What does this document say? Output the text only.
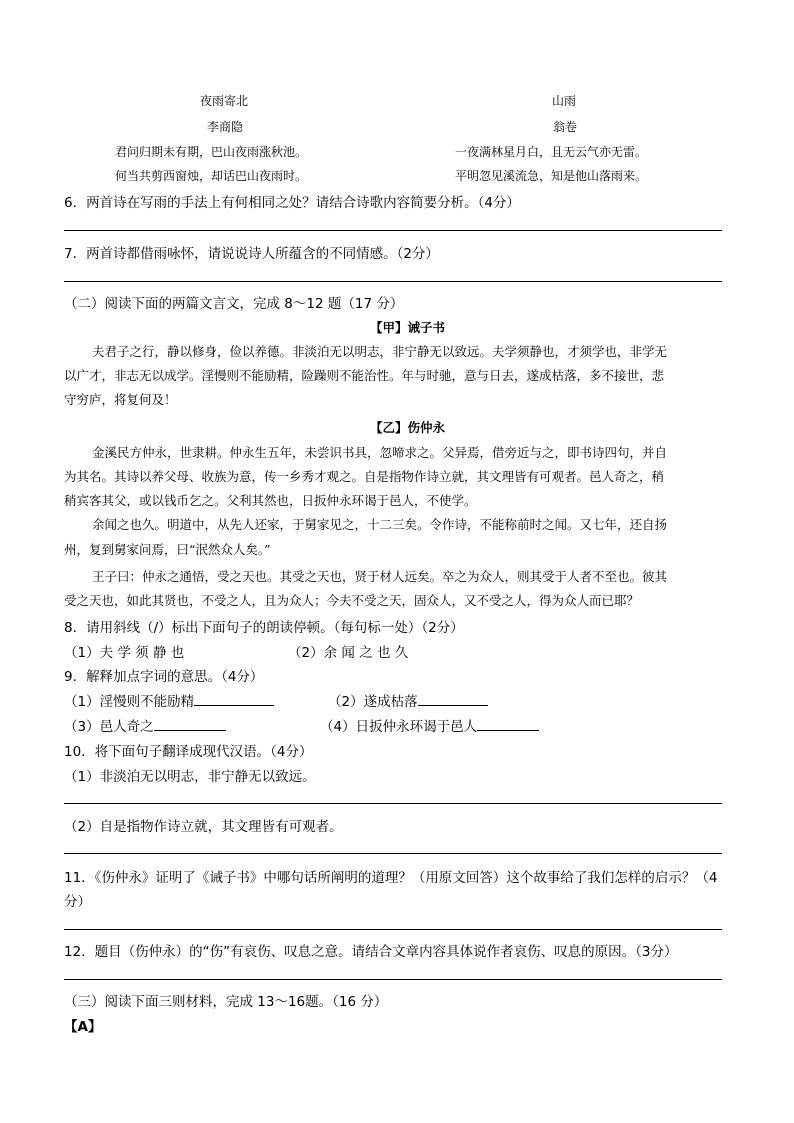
夜雨寄北	山雨
李商隐	翁卷
君问归期未有期，巴山夜雨涨秋池。	一夜满林星月白，且无云气亦无雷。
何当共剪西窗烛，却话巴山夜雨时。	平明忽见溪流急，知是他山落雨来。
6．两首诗在写雨的手法上有何相同之处？请结合诗歌内容简要分析。（4分）
7．两首诗都借雨咏怀，请说说诗人所蕴含的不同情感。（2分）
（二）阅读下面的两篇文言文，完成 8～12 题（17 分）
【甲】诫子书
夫君子之行，静以修身，俭以养德。非淡泊无以明志，非宁静无以致远。夫学须静也，才须学也，非学无
以广才，非志无以成学。淫慢则不能励精，险躁则不能治性。年与时驰，意与日去，遂成枯落，多不接世，悲
守穷庐，将复何及！
【乙】伤仲永
金溪民方仲永，世隶耕。仲永生五年，未尝识书具，忽啼求之。父异焉，借旁近与之，即书诗四句，并自
为其名。其诗以养父母、收族为意，传一乡秀才观之。自是指物作诗立就，其文理皆有可观者。邑人奇之，稍
稍宾客其父，或以钱币乞之。父利其然也，日扳仲永环谒于邑人，不使学。
余闻之也久。明道中，从先人还家，于舅家见之，十二三矣。令作诗，不能称前时之闻。又七年，还自扬
州，复到舅家问焉，曰“泯然众人矣。”
王子曰：仲永之通悟，受之天也。其受之天也，贤于材人远矣。卒之为众人，则其受于人者不至也。彼其
受之天也，如此其贤也，不受之人，且为众人；今夫不受之天，固众人，又不受之人，得为众人而已耶？
8．请用斜线（/）标出下面句子的朗读停顿。（每句标一处）（2分）
（1）夫 学 须 静 也	（2）余 闻 之 也 久
9．解释加点字词的意思。（4分）
（1）淫慢则不能励精	（2）遂成枯落
（3）邑人奇之	（4）日扳仲永环谒于邑人
10．将下面句子翻译成现代汉语。（4分）
（1）非淡泊无以明志，非宁静无以致远。
（2）自是指物作诗立就，其文理皆有可观者。
11．《伤仲永》证明了《诫子书》中哪句话所阐明的道理？（用原文回答）这个故事给了我们怎样的启示？（4
分）
12．题目（伤仲永）的“伤”有哀伤、叹息之意。请结合文章内容具体说作者哀伤、叹息的原因。（3分）
（三）阅读下面三则材料，完成 13～16题。（16 分）
【A】
